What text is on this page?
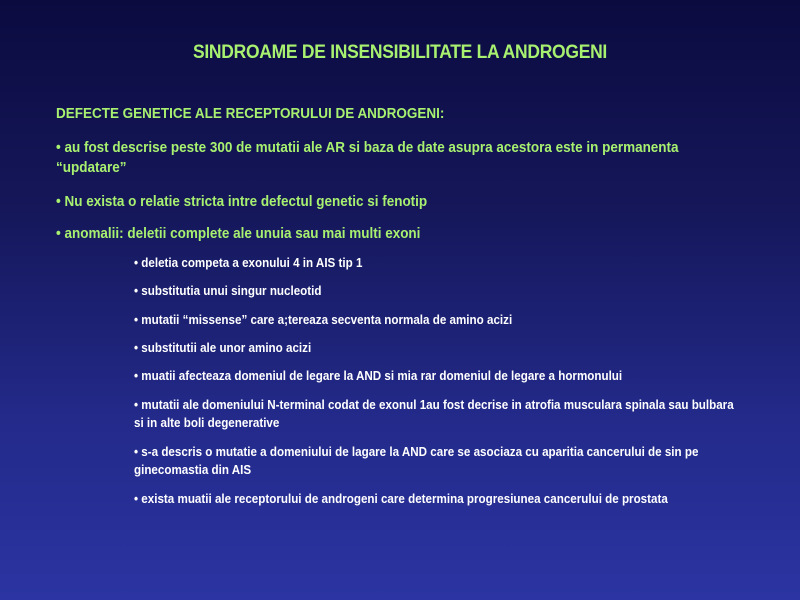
SINDROAME DE INSENSIBILITATE LA ANDROGENI
DEFECTE GENETICE ALE RECEPTORULUI DE ANDROGENI:
• au fost descrise peste 300 de mutatii ale AR si baza de date asupra acestora este in permanenta “updatare”
• Nu exista o relatie stricta intre defectul genetic si fenotip
• anomalii: deletii complete ale unuia sau mai multi exoni
• deletia competa a exonului 4 in AIS tip 1
• substitutia unui singur nucleotid
• mutatii “missense” care a;tereaza secventa normala de amino acizi
• substitutii ale unor amino acizi
• muatii afecteaza domeniul de legare la AND si mia rar domeniul de legare a hormonului
• mutatii ale domeniului N-terminal codat de exonul 1au fost decrise in atrofia musculara spinala sau bulbara si in alte boli degenerative
• s-a descris o mutatie a domeniului de lagare la AND care se asociaza cu aparitia cancerului de sin pe ginecomastia din AIS
• exista muatii ale receptorului de androgeni care determina progresiunea cancerului de prostata
